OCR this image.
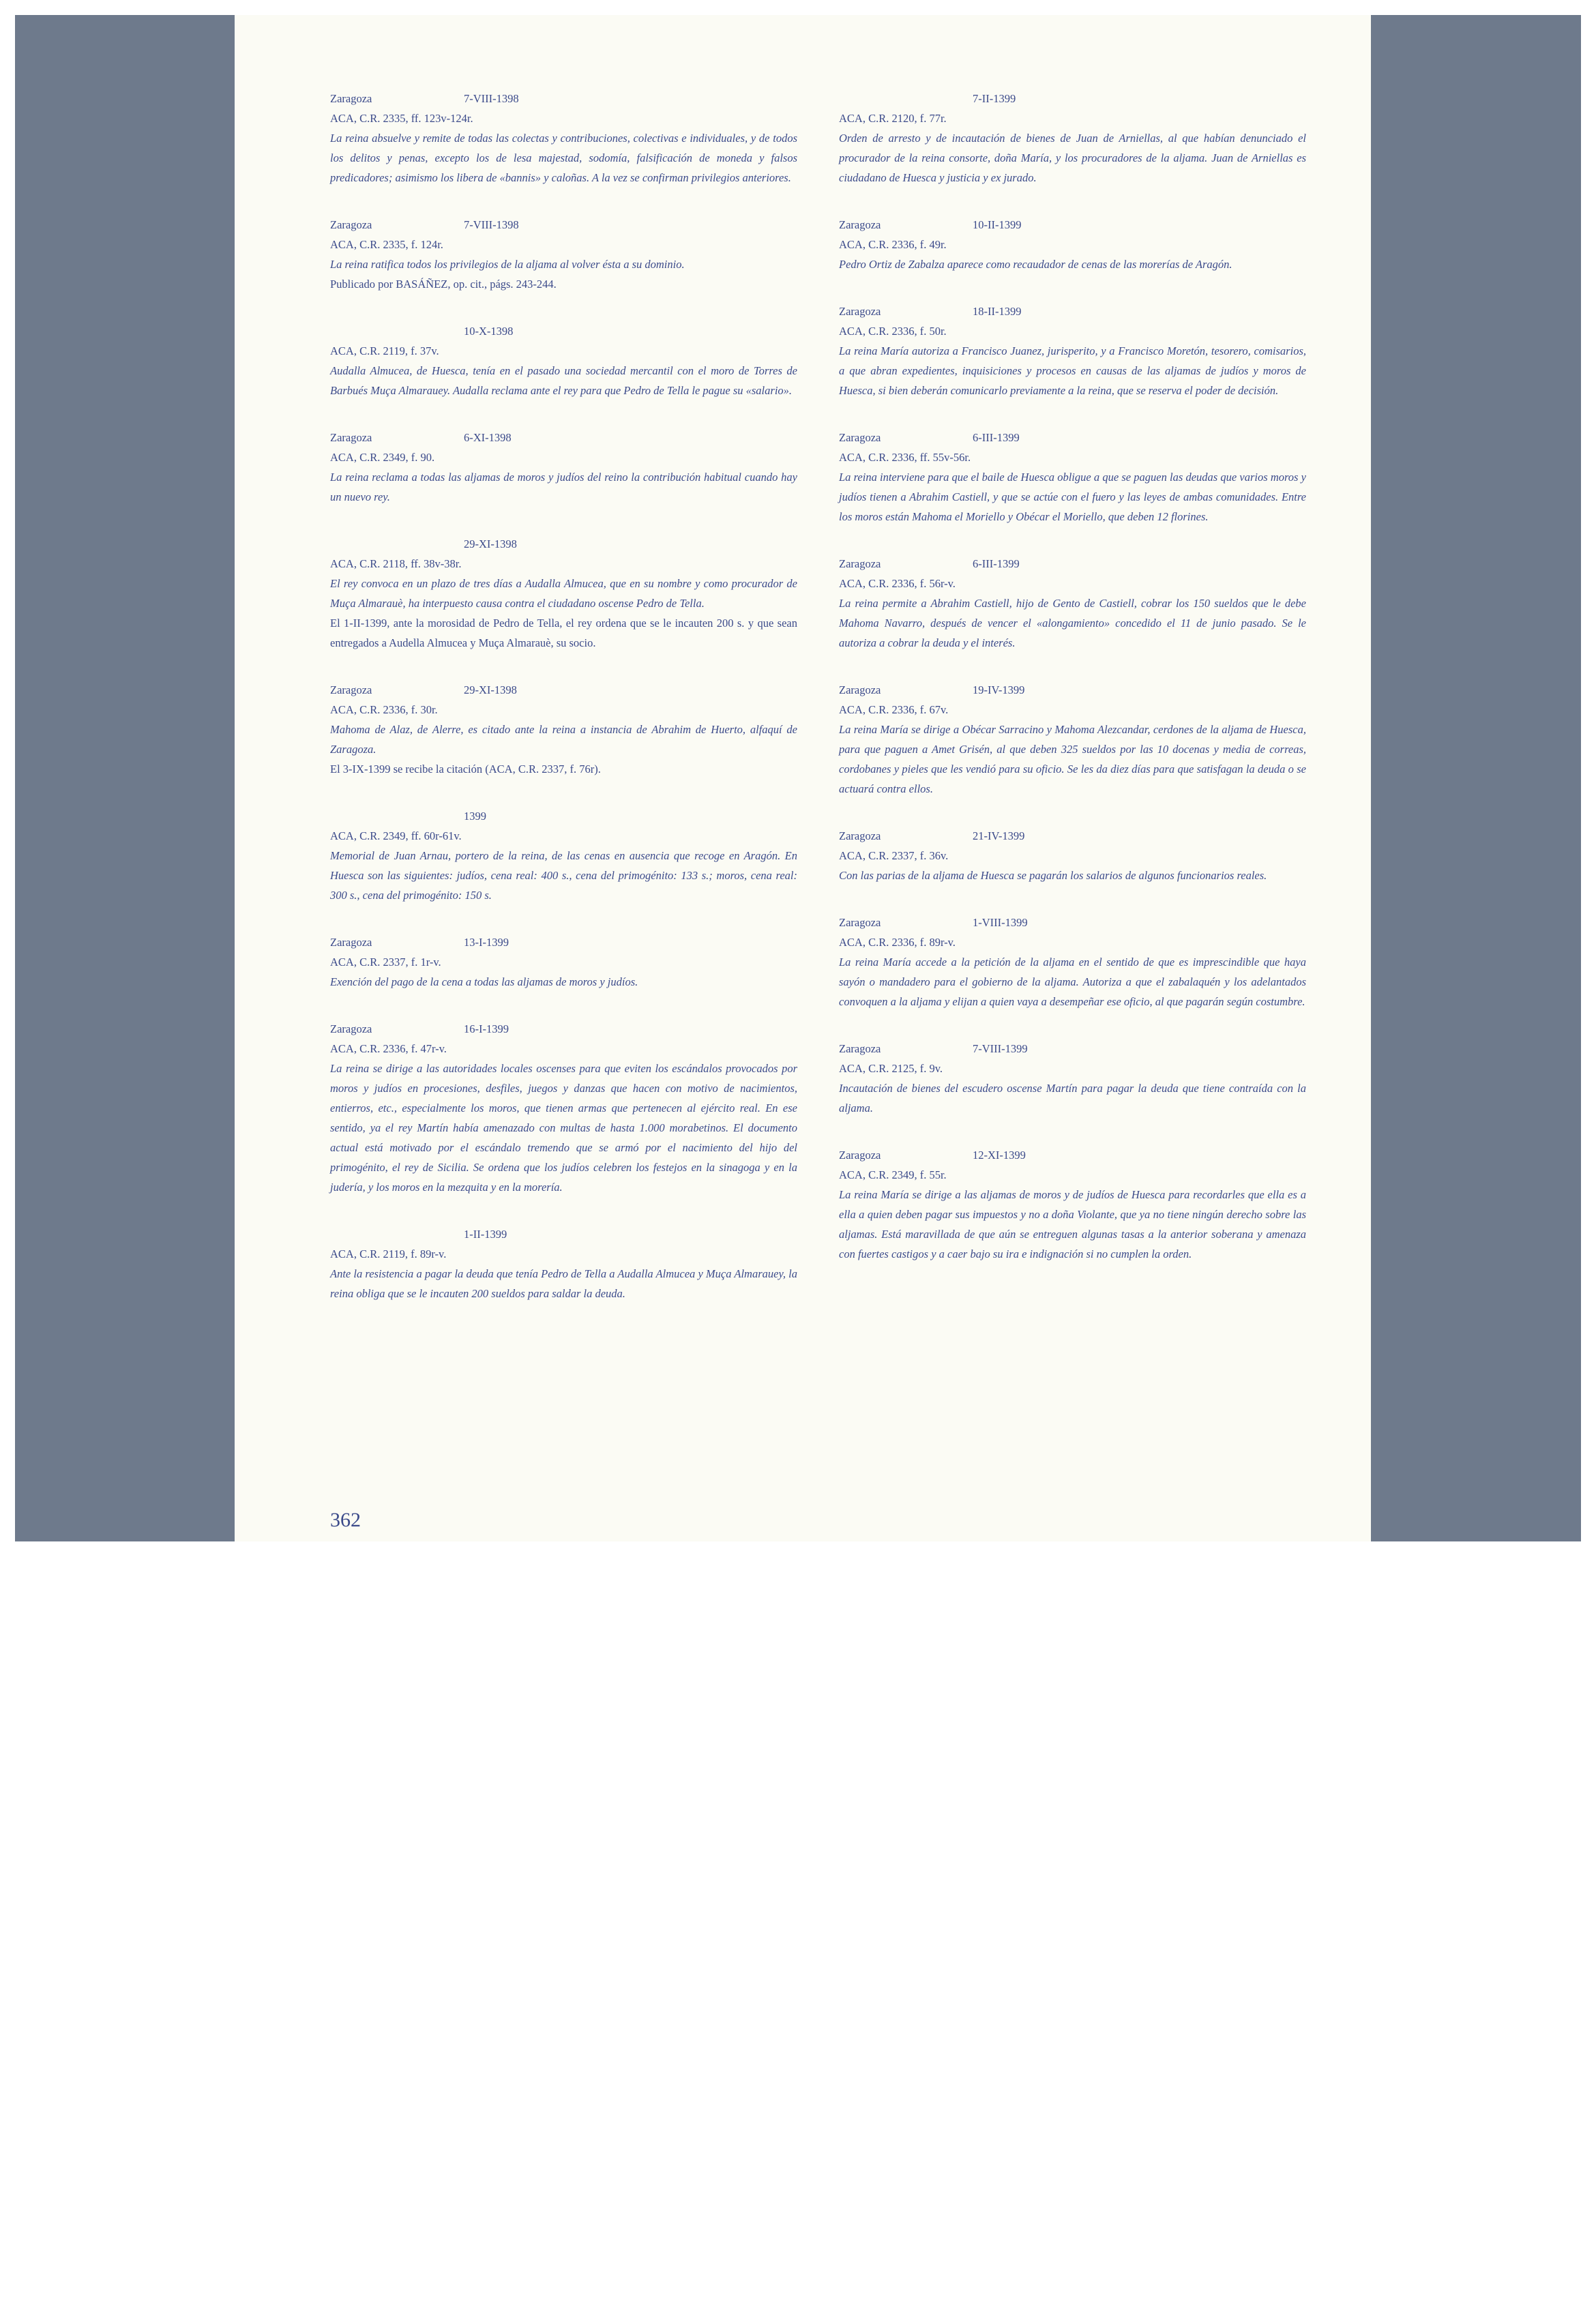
Zaragoza	7-VIII-1398
ACA, C.R. 2335, ff. 123v-124r.
La reina absuelve y remite de todas las colectas y contribuciones, colectivas e individuales, y de todos los delitos y penas, excepto los de lesa majestad, sodomía, falsificación de moneda y falsos predicadores; asimismo los libera de «bannis» y caloñas. A la vez se confirman privilegios anteriores.
Zaragoza	7-VIII-1398
ACA, C.R. 2335, f. 124r.
La reina ratifica todos los privilegios de la aljama al volver ésta a su dominio.
Publicado por BASÁÑEZ, op. cit., págs. 243-244.
10-X-1398
ACA, C.R. 2119, f. 37v.
Audalla Almucea, de Huesca, tenía en el pasado una sociedad mercantil con el moro de Torres de Barbués Muça Almarauey. Audalla reclama ante el rey para que Pedro de Tella le pague su «salario».
Zaragoza	6-XI-1398
ACA, C.R. 2349, f. 90.
La reina reclama a todas las aljamas de moros y judíos del reino la contribución habitual cuando hay un nuevo rey.
29-XI-1398
ACA, C.R. 2118, ff. 38v-38r.
El rey convoca en un plazo de tres días a Audalla Almucea, que en su nombre y como procurador de Muça Almarauè, ha interpuesto causa contra el ciudadano oscense Pedro de Tella.
El 1-II-1399, ante la morosidad de Pedro de Tella, el rey ordena que se le incauten 200 s. y que sean entregados a Audella Almucea y Muça Almarauè, su socio.
Zaragoza	29-XI-1398
ACA, C.R. 2336, f. 30r.
Mahoma de Alaz, de Alerre, es citado ante la reina a instancia de Abrahim de Huerto, alfaquí de Zaragoza.
El 3-IX-1399 se recibe la citación (ACA, C.R. 2337, f. 76r).
1399
ACA, C.R. 2349, ff. 60r-61v.
Memorial de Juan Arnau, portero de la reina, de las cenas en ausencia que recoge en Aragón. En Huesca son las siguientes: judíos, cena real: 400 s., cena del primogénito: 133 s.; moros, cena real: 300 s., cena del primogénito: 150 s.
Zaragoza	13-I-1399
ACA, C.R. 2337, f. 1r-v.
Exención del pago de la cena a todas las aljamas de moros y judíos.
Zaragoza	16-I-1399
ACA, C.R. 2336, f. 47r-v.
La reina se dirige a las autoridades locales oscenses para que eviten los escándalos provocados por moros y judíos en procesiones, desfiles, juegos y danzas que hacen con motivo de nacimientos, entierros, etc., especialmente los moros, que tienen armas que pertenecen al ejército real. En ese sentido, ya el rey Martín había amenazado con multas de hasta 1.000 morabetinos. El documento actual está motivado por el escándalo tremendo que se armó por el nacimiento del hijo del primogénito, el rey de Sicilia. Se ordena que los judíos celebren los festejos en la sinagoga y en la judería, y los moros en la mezquita y en la morería.
1-II-1399
ACA, C.R. 2119, f. 89r-v.
Ante la resistencia a pagar la deuda que tenía Pedro de Tella a Audalla Almucea y Muça Almarauey, la reina obliga que se le incauten 200 sueldos para saldar la deuda.
7-II-1399
ACA, C.R. 2120, f. 77r.
Orden de arresto y de incautación de bienes de Juan de Arniellas, al que habían denunciado el procurador de la reina consorte, doña María, y los procuradores de la aljama. Juan de Arniellas es ciudadano de Huesca y justicia y ex jurado.
Zaragoza	10-II-1399
ACA, C.R. 2336, f. 49r.
Pedro Ortiz de Zabalza aparece como recaudador de cenas de las morerías de Aragón.
Zaragoza	18-II-1399
ACA, C.R. 2336, f. 50r.
La reina María autoriza a Francisco Juanez, jurisperito, y a Francisco Moretón, tesorero, comisarios, a que abran expedientes, inquisiciones y procesos en causas de las aljamas de judíos y moros de Huesca, si bien deberán comunicarlo previamente a la reina, que se reserva el poder de decisión.
Zaragoza	6-III-1399
ACA, C.R. 2336, ff. 55v-56r.
La reina interviene para que el baile de Huesca obligue a que se paguen las deudas que varios moros y judíos tienen a Abrahim Castiell, y que se actúe con el fuero y las leyes de ambas comunidades. Entre los moros están Mahoma el Moriello y Obécar el Moriello, que deben 12 florines.
Zaragoza	6-III-1399
ACA, C.R. 2336, f. 56r-v.
La reina permite a Abrahim Castiell, hijo de Gento de Castiell, cobrar los 150 sueldos que le debe Mahoma Navarro, después de vencer el «alongamiento» concedido el 11 de junio pasado. Se le autoriza a cobrar la deuda y el interés.
Zaragoza	19-IV-1399
ACA, C.R. 2336, f. 67v.
La reina María se dirige a Obécar Sarracino y Mahoma Alezcandar, cerdones de la aljama de Huesca, para que paguen a Amet Grisén, al que deben 325 sueldos por las 10 docenas y media de correas, cordobanes y pieles que les vendió para su oficio. Se les da diez días para que satisfagan la deuda o se actuará contra ellos.
Zaragoza	21-IV-1399
ACA, C.R. 2337, f. 36v.
Con las parias de la aljama de Huesca se pagarán los salarios de algunos funcionarios reales.
Zaragoza	1-VIII-1399
ACA, C.R. 2336, f. 89r-v.
La reina María accede a la petición de la aljama en el sentido de que es imprescindible que haya sayón o mandadero para el gobierno de la aljama. Autoriza a que el zabalaquén y los adelantados convoquen a la aljama y elijan a quien vaya a desempeñar ese oficio, al que pagarán según costumbre.
Zaragoza	7-VIII-1399
ACA, C.R. 2125, f. 9v.
Incautación de bienes del escudero oscense Martín para pagar la deuda que tiene contraída con la aljama.
Zaragoza	12-XI-1399
ACA, C.R. 2349, f. 55r.
La reina María se dirige a las aljamas de moros y de judíos de Huesca para recordarles que ella es a ella a quien deben pagar sus impuestos y no a doña Violante, que ya no tiene ningún derecho sobre las aljamas. Está maravillada de que aún se entreguen algunas tasas a la anterior soberana y amenaza con fuertes castigos y a caer bajo su ira e indignación si no cumplen la orden.
362
